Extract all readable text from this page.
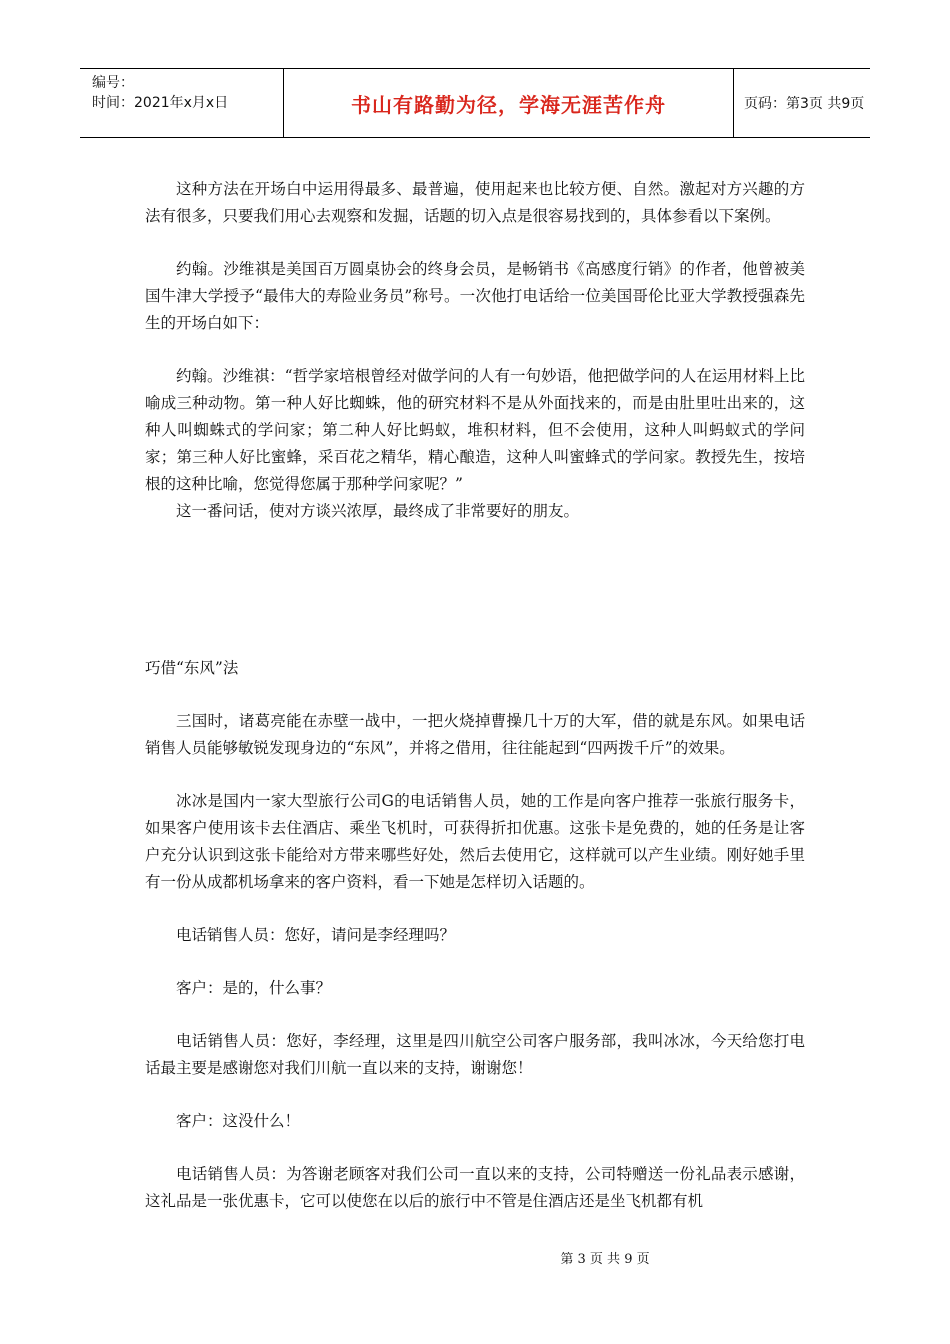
编号：
时间：2021年x月x日	书山有路勤为径，学海无涯苦作舟	页码：第3页 共9页

这种方法在开场白中运用得最多、最普遍，使用起来也比较方便、自然。激起对方兴趣的方法有很多，只要我们用心去观察和发掘，话题的切入点是很容易找到的，具体参看以下案例。

约翰。沙维祺是美国百万圆桌协会的终身会员，是畅销书《高感度行销》的作者，他曾被美国牛津大学授予“最伟大的寿险业务员”称号。一次他打电话给一位美国哥伦比亚大学教授强森先生的开场白如下：

约翰。沙维祺：“哲学家培根曾经对做学问的人有一句妙语，他把做学问的人在运用材料上比喻成三种动物。第一种人好比蜘蛛，他的研究材料不是从外面找来的，而是由肚里吐出来的，这种人叫蜘蛛式的学问家；第二种人好比蚂蚁，堆积材料，但不会使用，这种人叫蚂蚁式的学问家；第三种人好比蜜蜂，采百花之精华，精心酿造，这种人叫蜜蜂式的学问家。教授先生，按培根的这种比喻，您觉得您属于那种学问家呢？”

这一番问话，使对方谈兴浓厚，最终成了非常要好的朋友。

巧借“东风”法

三国时，诸葛亮能在赤壁一战中，一把火烧掉曹操几十万的大军，借的就是东风。如果电话销售人员能够敏锐发现身边的“东风”，并将之借用，往往能起到“四两拨千斤”的效果。

冰冰是国内一家大型旅行公司G的电话销售人员，她的工作是向客户推荐一张旅行服务卡，如果客户使用该卡去住酒店、乘坐飞机时，可获得折扣优惠。这张卡是免费的，她的任务是让客户充分认识到这张卡能给对方带来哪些好处，然后去使用它，这样就可以产生业绩。刚好她手里有一份从成都机场拿来的客户资料，看一下她是怎样切入话题的。

电话销售人员：您好，请问是李经理吗？

客户：是的，什么事？

电话销售人员：您好，李经理，这里是四川航空公司客户服务部，我叫冰冰，今天给您打电话最主要是感谢您对我们川航一直以来的支持，谢谢您！

客户：这没什么！

电话销售人员：为答谢老顾客对我们公司一直以来的支持，公司特赠送一份礼品表示感谢，这礼品是一张优惠卡，它可以使您在以后的旅行中不管是住酒店还是坐飞机都有机

第 3 页 共 9 页
